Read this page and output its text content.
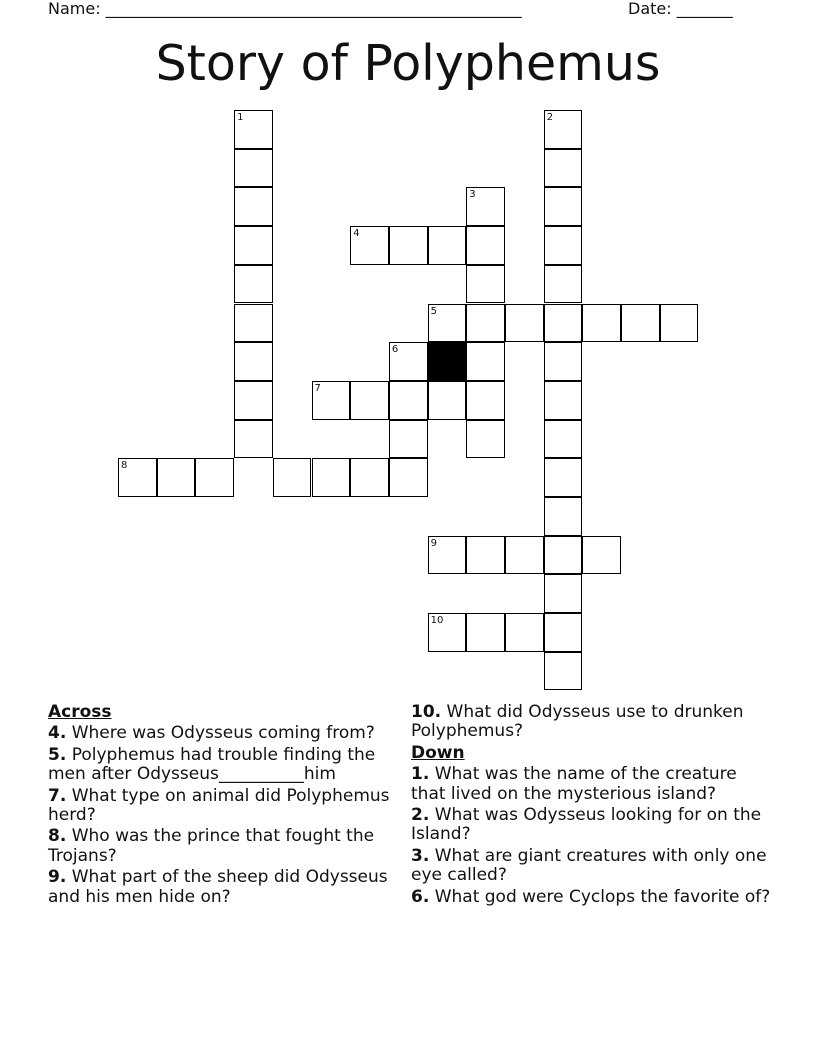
Name: ____________________________________________________	Date: _______
Story of Polyphemus
1	2
3
4
5
6
7
8
9
10
Across
4. Where was Odysseus coming from?
5. Polyphemus had trouble finding the men after Odysseus__________him
7. What type on animal did Polyphemus herd?
8. Who was the prince that fought the Trojans?
9. What part of the sheep did Odysseus and his men hide on?
10. What did Odysseus use to drunken Polyphemus?
Down
1. What was the name of the creature that lived on the mysterious island?
2. What was Odysseus looking for on the Island?
3. What are giant creatures with only one eye called?
6. What god were Cyclops the favorite of?
